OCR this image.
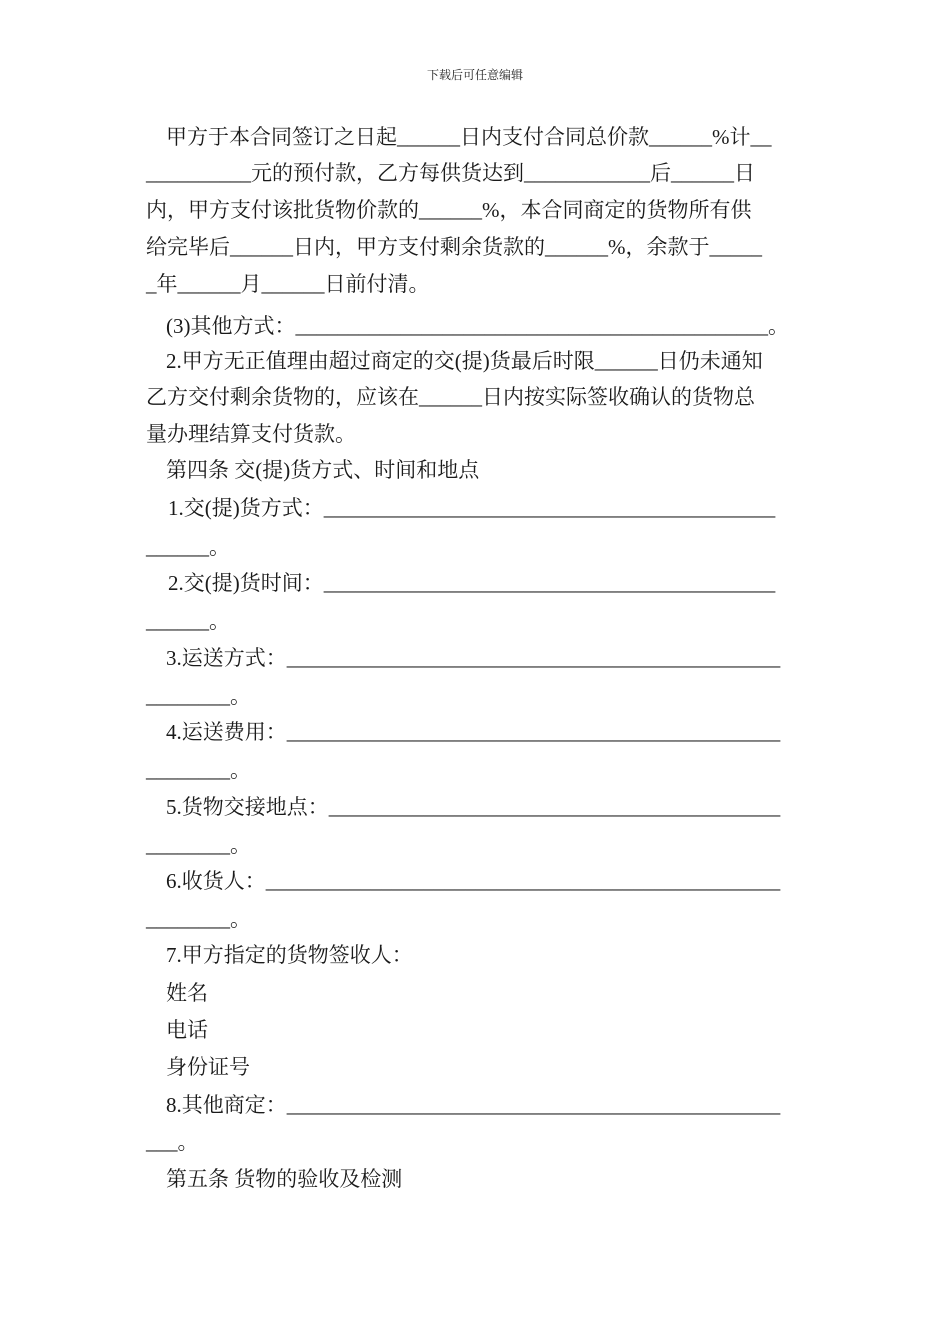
下载后可任意编辑
甲方于本合同签订之日起______日内支付合同总价款______%计__
__________元的预付款，乙方每供货达到____________后______日
内，甲方支付该批货物价款的______%，本合同商定的货物所有供
给完毕后______日内，甲方支付剩余货款的______%，余款于_____
_年______月______日前付清。
(3)其他方式：_____________________________________________。
2.甲方无正值理由超过商定的交(提)货最后时限______日仍未通知
乙方交付剩余货物的，应该在______日内按实际签收确认的货物总
量办理结算支付货款。
第四条 交(提)货方式、时间和地点
1.交(提)货方式：___________________________________________
______。
2.交(提)货时间：___________________________________________
______。
3.运送方式：_______________________________________________
________。
4.运送费用：_______________________________________________
________。
5.货物交接地点：___________________________________________
________。
6.收货人：_________________________________________________
________。
7.甲方指定的货物签收人：
姓名
电话
身份证号
8.其他商定：_______________________________________________
___。
第五条 货物的验收及检测
